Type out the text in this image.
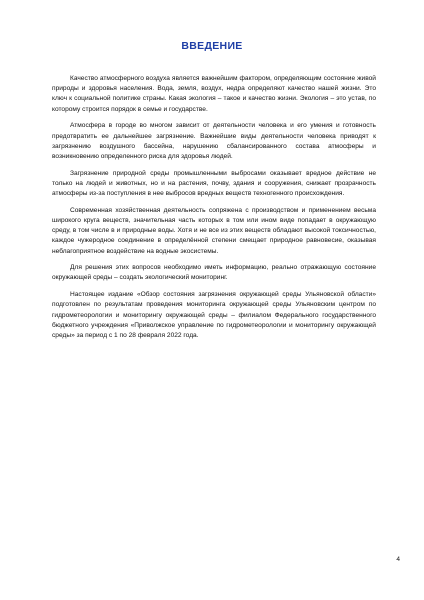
ВВЕДЕНИЕ

Качество атмосферного воздуха является важнейшим фактором, определяющим состояние живой природы и здоровья населения. Вода, земля, воздух, недра определяют качество нашей жизни. Это ключ к социальной политике страны. Какая экология – такое и качество жизни. Экология – это устав, по которому строится порядок в семье и государстве.

Атмосфера в городе во многом зависит от деятельности человека и его умения и готовность предотвратить ее дальнейшее загрязнение. Важнейшие виды деятельности человека приводят к загрязнению воздушного бассейна, нарушению сбалансированного состава атмосферы и возникновению определенного риска для здоровья людей.

Загрязнение природной среды промышленными выбросами оказывает вредное действие не только на людей и животных, но и на растения, почву, здания и сооружения, снижает прозрачность атмосферы из-за поступления в нее выбросов вредных веществ техногенного происхождения.

Современная хозяйственная деятельность сопряжена с производством и применением весьма широкого круга веществ, значительная часть которых в том или ином виде попадает в окружающую среду, в том числе в и природные воды. Хотя и не все из этих веществ обладают высокой токсичностью, каждое чужеродное соединение в определённой степени смещает природное равновесие, оказывая неблагоприятное воздействие на водные экосистемы.

Для решения этих вопросов необходимо иметь информацию, реально отражающую состояние окружающей среды – создать экологический мониторинг.

Настоящее издание «Обзор состояния загрязнения окружающей среды Ульяновской области» подготовлен по результатам проведения мониторинга окружающей среды Ульяновским центром по гидрометеорологии и мониторингу окружающей среды – филиалом Федерального государственного бюджетного учреждения «Приволжское управление по гидрометеорологии и мониторингу окружающей среды» за период с 1 по 28 февраля 2022 года.

4
